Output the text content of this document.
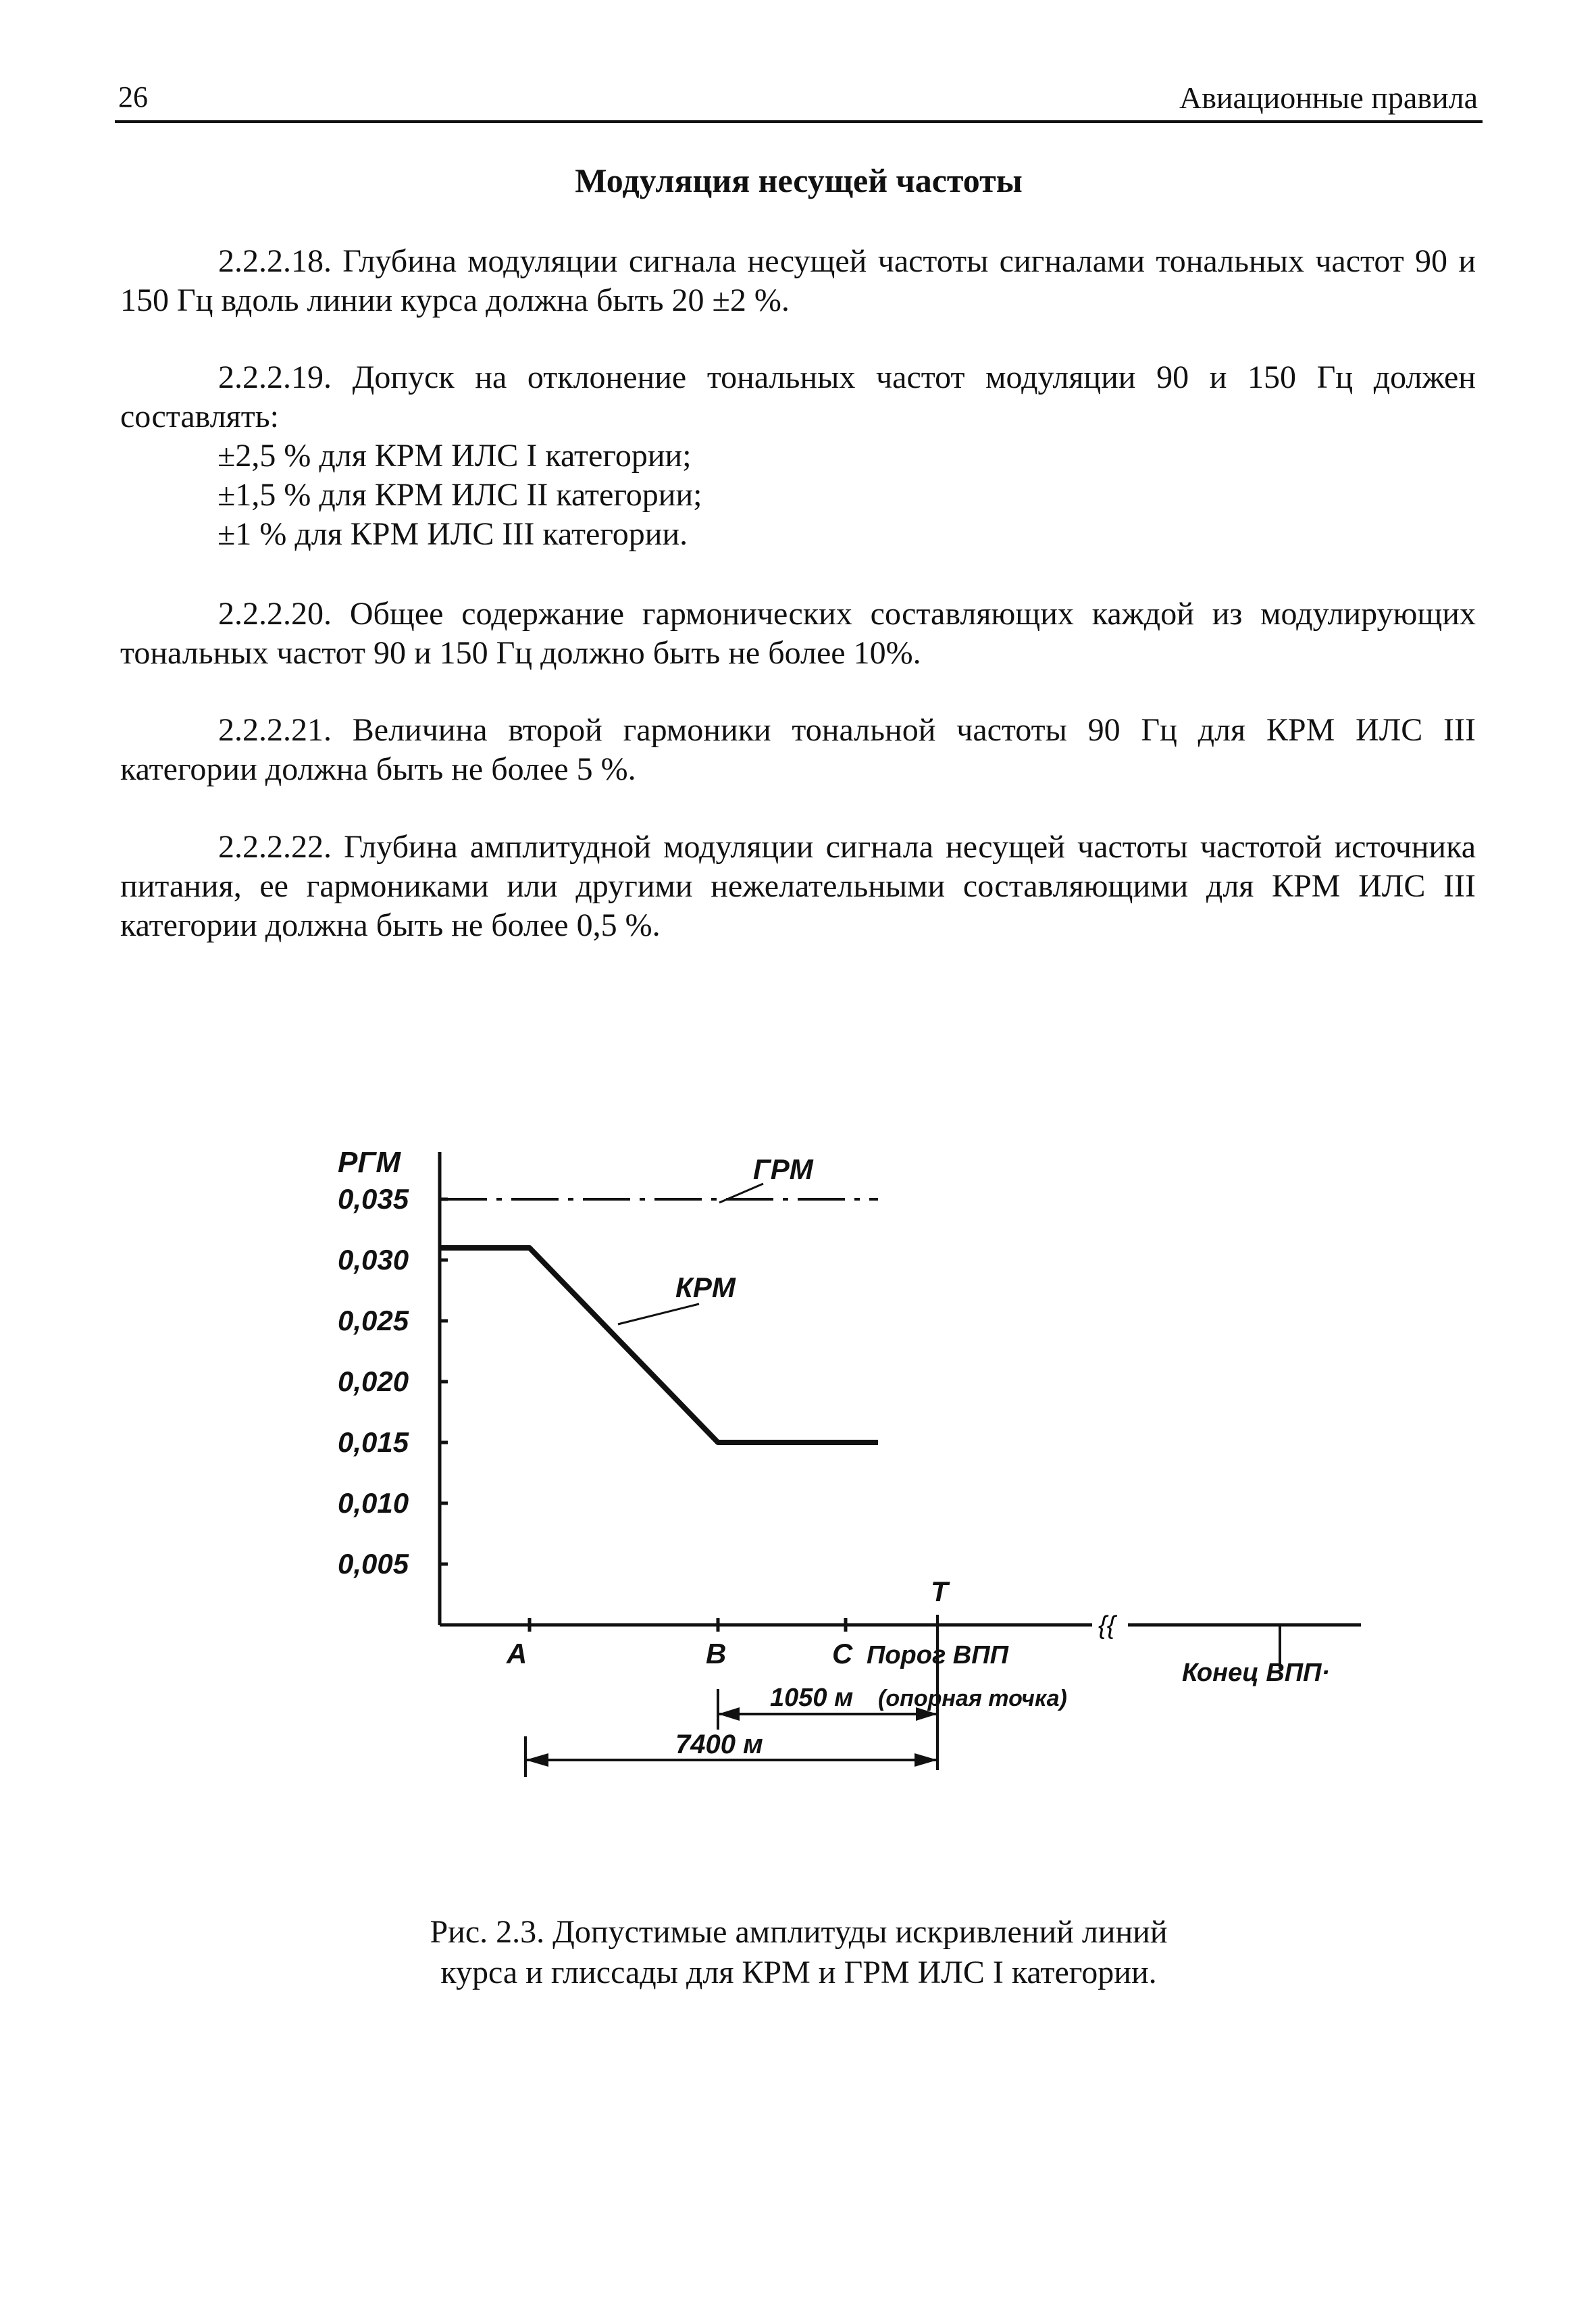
26	Авиационные правила
Модуляция несущей частоты

2.2.2.18. Глубина модуляции сигнала несущей частоты сигналами тональных частот 90 и 150 Гц вдоль линии курса должна быть 20 ±2 %.

2.2.2.19. Допуск на отклонение тональных частот модуляции 90 и 150 Гц должен составлять:

±2,5 % для КРМ ИЛС I категории;

±1,5 % для КРМ ИЛС II категории;

±1 % для КРМ ИЛС III категории.

2.2.2.20. Общее содержание гармонических составляющих каждой из модулирующих тональных частот 90 и 150 Гц должно быть не более 10%.

2.2.2.21. Величина второй гармоники тональной частоты 90 Гц для КРМ ИЛС III категории должна быть не более 5 %.

2.2.2.22. Глубина амплитудной модуляции сигнала несущей частоты частотой источника питания, ее гармониками или другими нежелательными составляющими для КРМ ИЛС III категории должна быть не более 0,5 %.

РГМ
{{
0,005
0,010
0,015
0,020
0,025
0,030
0,035
ГРМ
КРМ
Т
А	В	С Порог ВПП
Конец ВПП·
1050 м (опорная точка)
7400 м
Рис. 2.3. Допустимые амплитуды искривлений линий
курса и глиссады для КРМ и ГРМ ИЛС I категории.
